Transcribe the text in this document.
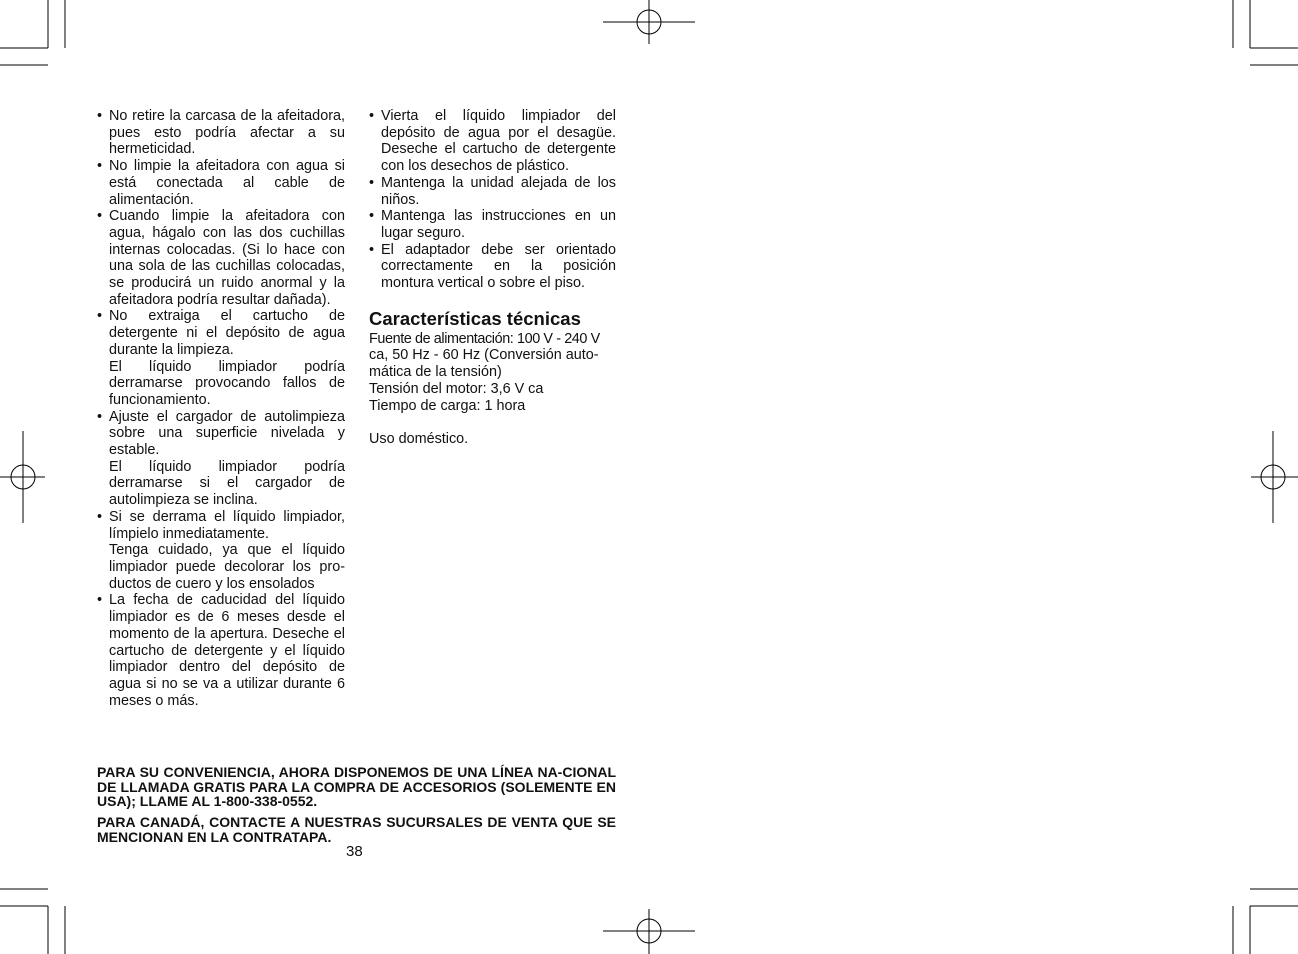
• No retire la carcasa de la afeitadora, pues esto podría afectar a su hermeticidad.

• No limpie la afeitadora con agua si está conectada al cable de alimentación.

• Cuando limpie la afeitadora con agua, hágalo con las dos cuchillas internas colocadas. (Si lo hace con una sola de las cuchillas colocadas, se producirá un ruido anormal y la afeitadora podría resultar dañada).

• No extraiga el cartucho de detergente ni el depósito de agua durante la limpieza.

El líquido limpiador podría derramarse provocando fallos de funcionamiento.

• Ajuste el cargador de autolimpieza sobre una superficie nivelada y estable.

El líquido limpiador podría derramarse si el cargador de autolimpieza se inclina.

• Si se derrama el líquido limpiador, límpielo inmediatamente.

Tenga cuidado, ya que el líquido limpiador puede decolorar los pro-ductos de cuero y los ensolados

• La fecha de caducidad del líquido limpiador es de 6 meses desde el momento de la apertura. Deseche el cartucho de detergente y el líquido limpiador dentro del depósito de agua si no se va a utilizar durante 6 meses o más.

• Vierta el líquido limpiador del depósito de agua por el desagüe. Deseche el cartucho de detergente con los desechos de plástico.

• Mantenga la unidad alejada de los niños.

• Mantenga las instrucciones en un lugar seguro.

• El adaptador debe ser orientado correctamente en la posición montura vertical o sobre el piso.

Características técnicas
Fuente de alimentación: 100 V - 240 V
ca, 50 Hz - 60 Hz (Conversión auto-
mática de la tensión)
Tensión del motor: 3,6 V ca
Tiempo de carga: 1 hora
Uso doméstico.
PARA SU CONVENIENCIA, AHORA DISPONEMOS DE UNA LÍNEA NA-CIONAL DE LLAMADA GRATIS PARA LA COMPRA DE ACCESORIOS (SOLEMENTE EN USA); LLAME AL 1-800-338-0552.
PARA CANADÁ, CONTACTE A NUESTRAS SUCURSALES DE VENTA QUE SE MENCIONAN EN LA CONTRATAPA.
38
